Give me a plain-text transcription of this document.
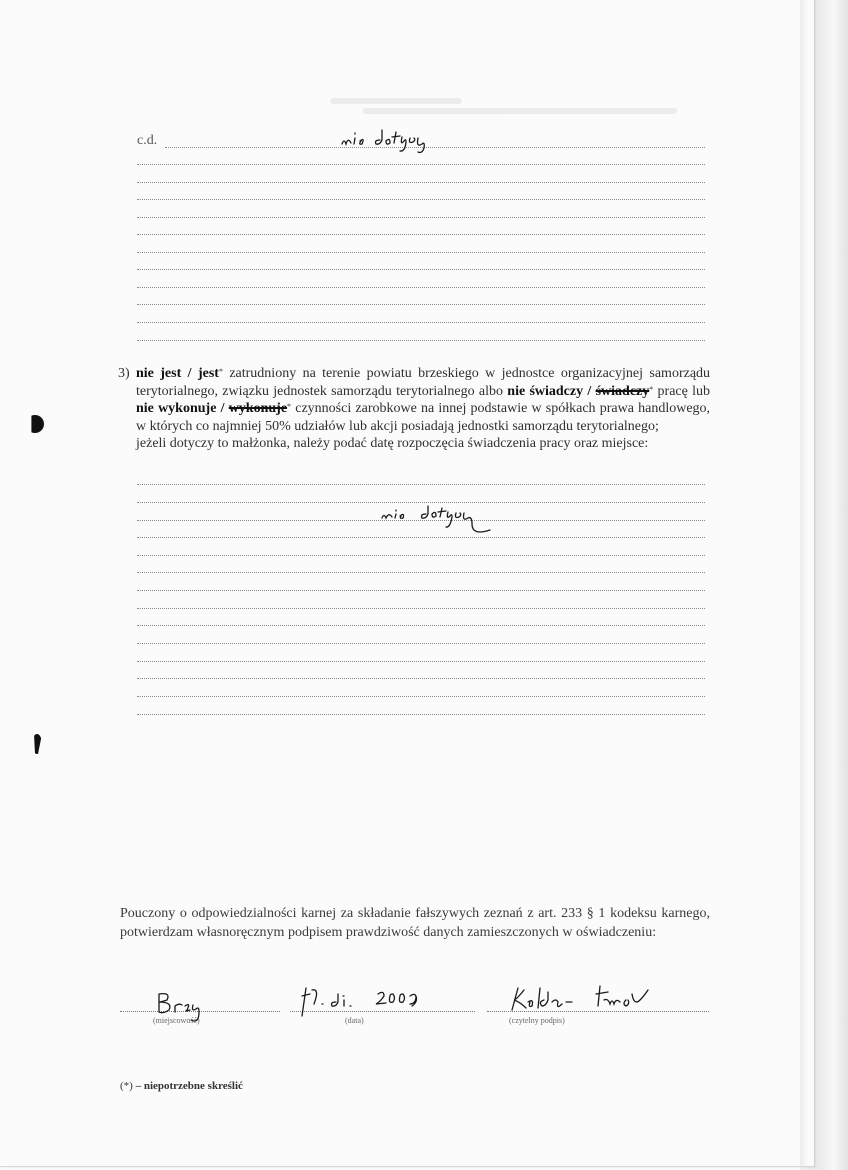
c.d.
3) nie jest / jest* zatrudniony na terenie powiatu brzeskiego w jednostce organizacyjnej samorządu terytorialnego, związku jednostek samorządu terytorialnego albo nie świadczy / świadczy* pracę lub nie wykonuje / wykonuje* czynności zarobkowe na innej podstawie w spółkach prawa handlowego, w których co najmniej 50% udziałów lub akcji posiadają jednostki samorządu terytorialnego;
jeżeli dotyczy to małżonka, należy podać datę rozpoczęcia świadczenia pracy oraz miejsce:
Pouczony o odpowiedzialności karnej za składanie fałszywych zeznań z art. 233 § 1 kodeksu karnego, potwierdzam własnoręcznym podpisem prawdziwość danych zamieszczonych w oświadczeniu:
(miejscowość)	(data)	(czytelny podpis)
(*) – niepotrzebne skreślić
